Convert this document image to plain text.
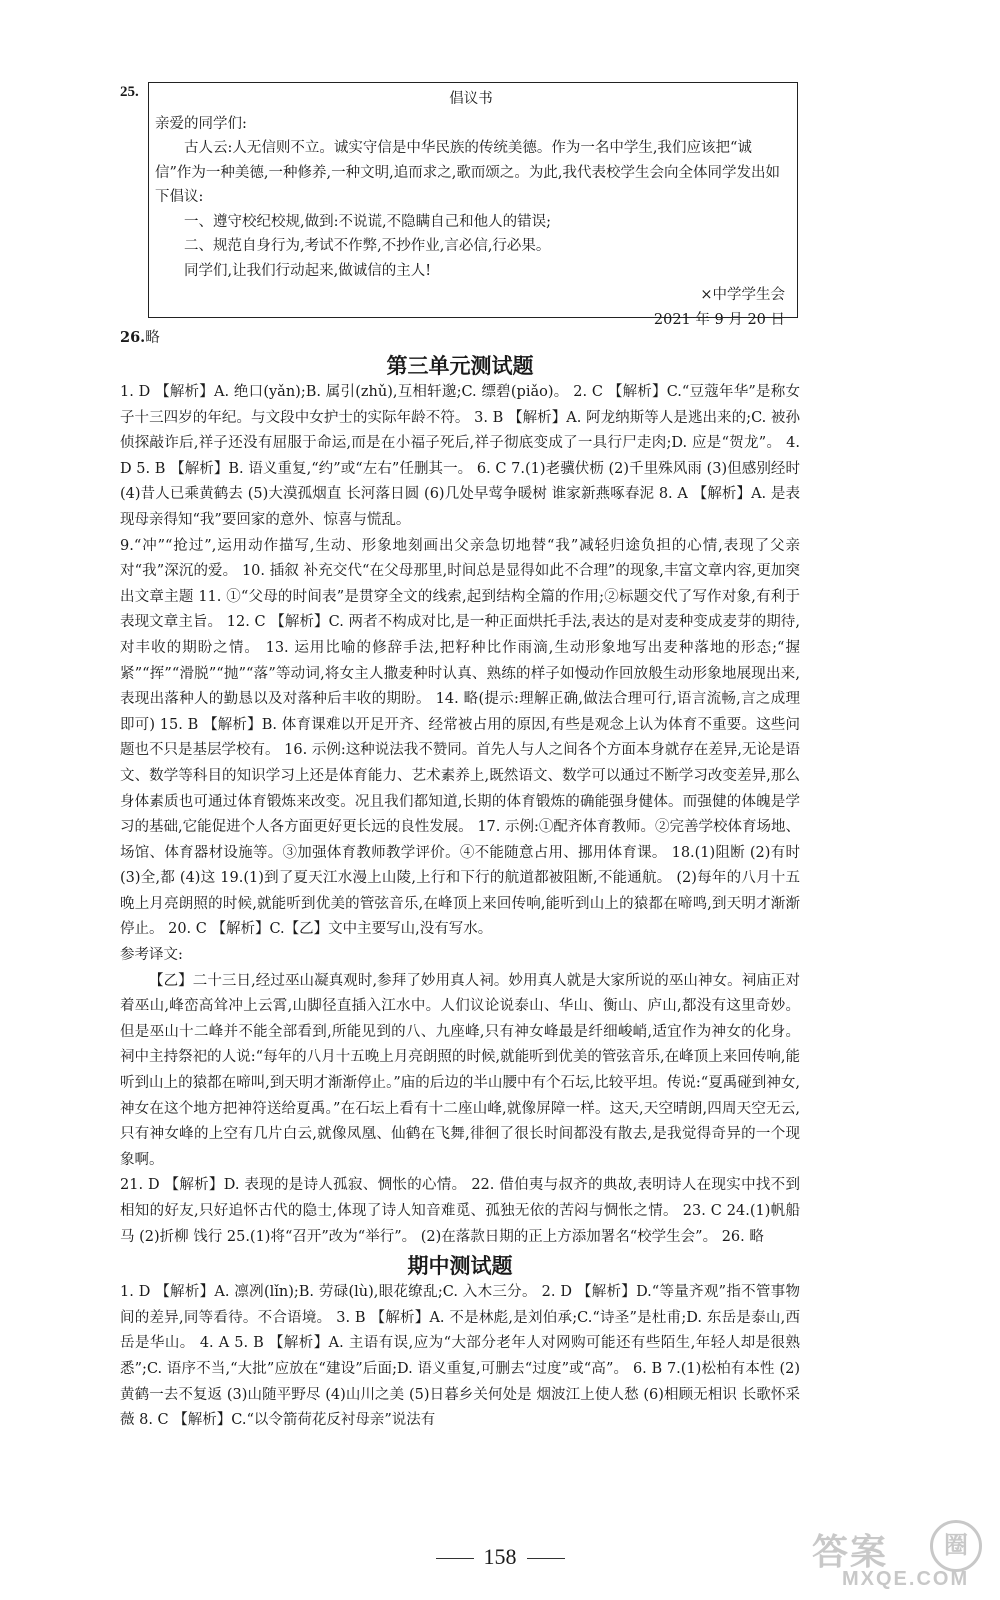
25.	倡议书
亲爱的同学们:
古人云:人无信则不立。诚实守信是中华民族的传统美德。作为一名中学生,我们应该把“诚信”作为一种美德,一种修养,一种文明,追而求之,歌而颂之。为此,我代表校学生会向全体同学发出如下倡议:
一、遵守校纪校规,做到:不说谎,不隐瞒自己和他人的错误;
二、规范自身行为,考试不作弊,不抄作业,言必信,行必果。
同学们,让我们行动起来,做诚信的主人!
×中学学生会
2021 年 9 月 20 日
26.略
第三单元测试题

1. D 【解析】A. 绝⼝(yǎn);B. 属引(zhǔ),互相轩邈;C. 缥碧(piǎo)。 2. C 【解析】C.“豆蔻年华”是称女子十三四岁的年纪。与文段中女护士的实际年龄不符。 3. B 【解析】A. 阿龙纳斯等人是逃出来的;C. 被孙侦探敲诈后,祥子还没有屈服于命运,而是在小福子死后,祥子彻底变成了一具行尸走肉;D. 应是“贺龙”。 4. D 5. B 【解析】B. 语义重复,“约”或“左右”任删其一。 6. C 7.(1)老骥伏枥 (2)千里殊风雨 (3)但感别经时 (4)昔人已乘黄鹤去 (5)大漠孤烟直 长河落日圆 (6)几处早莺争暖树 谁家新燕啄春泥 8. A 【解析】A. 是表现母亲得知“我”要回家的意外、惊喜与慌乱。

9.“冲”“抢过”,运用动作描写,生动、形象地刻画出父亲急切地替“我”减轻归途负担的心情,表现了父亲对“我”深沉的爱。 10. 插叙 补充交代“在父母那里,时间总是显得如此不合理”的现象,丰富文章内容,更加突出文章主题 11. ①“父母的时间表”是贯穿全文的线索,起到结构全篇的作用;②标题交代了写作对象,有利于表现文章主旨。 12. C 【解析】C. 两者不构成对比,是一种正面烘托手法,表达的是对麦种变成麦芽的期待,对丰收的期盼之情。 13. 运用比喻的修辞手法,把籽种比作雨滴,生动形象地写出麦种落地的形态;“握紧”“挥”“滑脱”“抛”“落”等动词,将女主人撒麦种时认真、熟练的样子如慢动作回放般生动形象地展现出来,表现出落种人的勤恳以及对落种后丰收的期盼。 14. 略(提示:理解正确,做法合理可行,语言流畅,言之成理即可) 15. B 【解析】B. 体育课难以开足开齐、经常被占用的原因,有些是观念上认为体育不重要。这些问题也不只是基层学校有。 16. 示例:这种说法我不赞同。首先人与人之间各个方面本身就存在差异,无论是语文、数学等科目的知识学习上还是体育能力、艺术素养上,既然语文、数学可以通过不断学习改变差异,那么身体素质也可通过体育锻炼来改变。况且我们都知道,长期的体育锻炼的确能强身健体。而强健的体魄是学习的基础,它能促进个人各方面更好更长远的良性发展。 17. 示例:①配齐体育教师。②完善学校体育场地、场馆、体育器材设施等。③加强体育教师教学评价。④不能随意占用、挪用体育课。 18.(1)阻断 (2)有时 (3)全,都 (4)这 19.(1)到了夏天江水漫上山陵,上行和下行的航道都被阻断,不能通航。 (2)每年的八月十五晚上月亮朗照的时候,就能听到优美的管弦音乐,在峰顶上来回传响,能听到山上的猿都在啼鸣,到天明才渐渐停止。 20. C 【解析】C.【乙】文中主要写山,没有写水。

参考译文:

【乙】二十三日,经过巫山凝真观时,参拜了妙用真人祠。妙用真人就是大家所说的巫山神女。祠庙正对着巫山,峰峦高耸冲上云霄,山脚径直插入江水中。人们议论说泰山、华山、衡山、庐山,都没有这里奇妙。但是巫山十二峰并不能全部看到,所能见到的八、九座峰,只有神女峰最是纤细峻峭,适宜作为神女的化身。祠中主持祭祀的人说:“每年的八月十五晚上月亮朗照的时候,就能听到优美的管弦音乐,在峰顶上来回传响,能听到山上的猿都在啼叫,到天明才渐渐停止。”庙的后边的半山腰中有个石坛,比较平坦。传说:“夏禹碰到神女,神女在这个地方把神符送给夏禹。”在石坛上看有十二座山峰,就像屏障一样。这天,天空晴朗,四周天空无云,只有神女峰的上空有几片白云,就像凤凰、仙鹤在飞舞,徘徊了很长时间都没有散去,是我觉得奇异的一个现象啊。

21. D 【解析】D. 表现的是诗人孤寂、惆怅的心情。 22. 借伯夷与叔齐的典故,表明诗人在现实中找不到相知的好友,只好追怀古代的隐士,体现了诗人知音难觅、孤独无依的苦闷与惆怅之情。 23. C 24.(1)帆船 马 (2)折柳 饯行 25.(1)将“召开”改为“举行”。 (2)在落款日期的正上方添加署名“校学生会”。 26. 略

期中测试题

1. D 【解析】A. 凛冽(lǐn);B. 劳碌(lù),眼花缭乱;C. 入木三分。 2. D 【解析】D.“等量齐观”指不管事物间的差异,同等看待。不合语境。 3. B 【解析】A. 不是林彪,是刘伯承;C.“诗圣”是杜甫;D. 东岳是泰山,西岳是华山。 4. A 5. B 【解析】A. 主语有误,应为“大部分老年人对网购可能还有些陌生,年轻人却是很熟悉”;C. 语序不当,“大批”应放在“建设”后面;D. 语义重复,可删去“过度”或“高”。 6. B 7.(1)松柏有本性 (2)黄鹤一去不复返 (3)山随平野尽 (4)山川之美 (5)日暮乡关何处是 烟波江上使人愁 (6)相顾无相识 长歌怀采薇 8. C 【解析】C.“以令箭荷花反衬母亲”说法有

158	答案	圈
MXQE.COM
